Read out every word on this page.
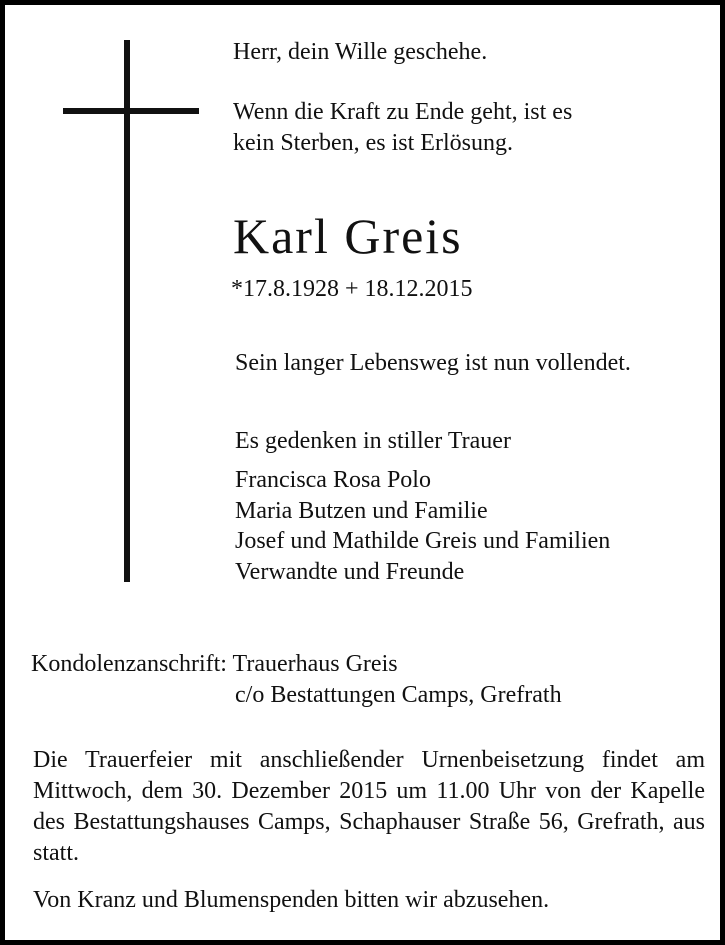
Herr, dein Wille geschehe.
Wenn die Kraft zu Ende geht, ist es
kein Sterben, es ist Erlösung.
Karl Greis
*17.8.1928 + 18.12.2015
Sein langer Lebensweg ist nun vollendet.
Es gedenken in stiller Trauer
Francisca Rosa Polo
Maria Butzen und Familie
Josef und Mathilde Greis und Familien
Verwandte und Freunde
Kondolenzanschrift: Trauerhaus Greis
c/o Bestattungen Camps, Grefrath
Die Trauerfeier mit anschließender Urnenbeisetzung findet am Mittwoch, dem 30. Dezember 2015 um 11.00 Uhr von der Kapelle des Bestattungshauses Camps, Schaphauser Straße 56, Grefrath, aus statt.
Von Kranz und Blumenspenden bitten wir abzusehen.
